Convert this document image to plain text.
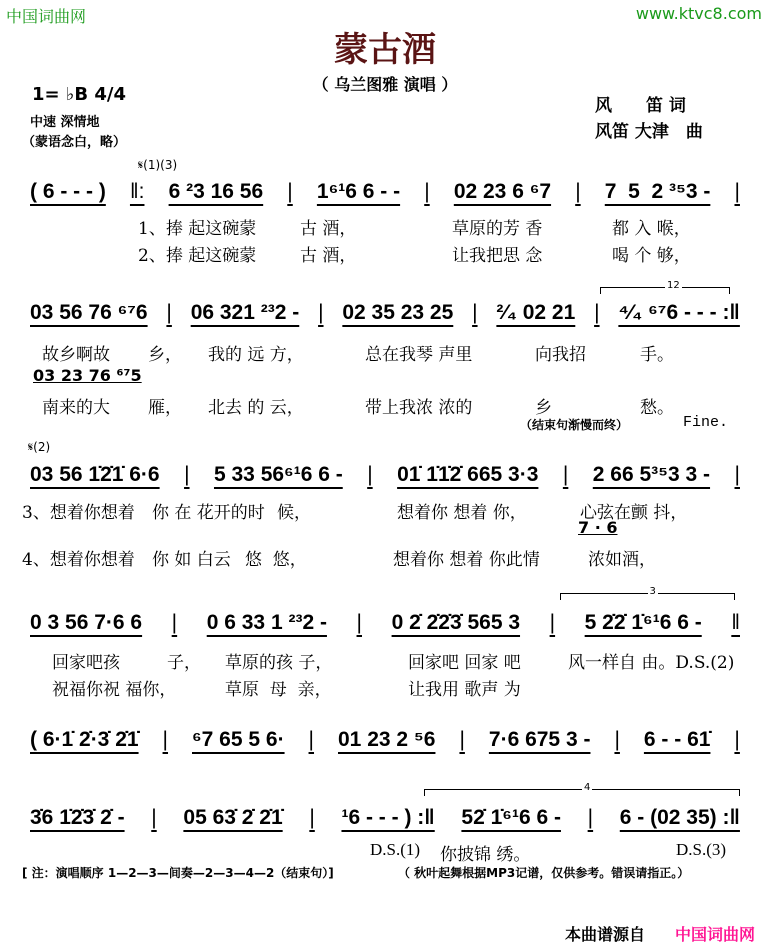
中国词曲网	www.ktvc8.com
蒙古酒
（ 乌兰图雅 演唱 ）
1= ♭B 4/4
中速 深情地
（蒙语念白，略）
风　　笛 词
风笛 大津　曲
𝄋(1)(3)
( 6 - - - ) ‖: 6 ²3 16 56 | 1⁶¹6 6 - - | 02 23 6 ⁶7 | 7  5  2 ³⁵3 - |
1、捧 起这碗蒙	古 酒，	草原的芳 香	都 入 喉，
2、捧 起这碗蒙	古 酒，	让我把思 念	喝 个 够，
12
03 56 76 ⁶⁷6 | 06 321 ²³2 - | 02 35 23 25 | ²⁄₄ 02 21 | ⁴⁄₄ ⁶⁷6 - - - :‖
故乡啊故 乡， 我的 远 方，	总在我琴 声里	向我招	手。
03 23 76 ⁶⁷5
南来的大 雁， 北去 的 云，	带上我浓 浓的	乡	愁。
（结束句渐慢而终）	Fine.
𝄋(2)
03 56 1̇2̇1̇ 6·6 | 5 33 56⁶¹6 6 - | 01̇ 1̇1̇2̇ 665 3·3 | 2 66 5³⁵3 3 - |
3、想着你想着 你 在 花开的时 候，	想着你 想着 你，	心弦在颤 抖，
7 · 6
4、想着你想着 你 如 白云 悠  悠，	想着你 想着 你此情	浓如酒，
3
0 3 56 7·6 6 | 0 6 33 1 ²³2 - | 0 2̇ 2̇2̇3̇ 565 3 | 5 2̇2̇ 1̇⁶¹6 6 - ‖
回家吧孩	子， 草原的孩 子，	回家吧 回家 吧	风一样自 由。D.S.(2)
祝福你祝 福你，	草原  母  亲，	让我用 歌声 为
( 6·1̇ 2̇·3̇ 2̇1̇ | ⁶7 65 5 6· | 01 23 2 ⁵6 | 7·6 675 3 - | 6 - - 61̇ |
4
3̇6 1̇2̇3̇ 2̇ - | 05 63̇ 2̇ 2̇1̇ | ¹6 - - - ) :‖ 52̇ 1̇⁶¹6 6 - | 6 - (02 35) :‖
D.S.(1) 你披锦 绣。	D.S.(3)
[ 注：演唱顺序 1—2—3—间奏—2—3—4—2（结束句）]	（ 秋叶起舞根据MP3记谱，仅供参考。错误请指正。）
本曲谱源自 中国词曲网
